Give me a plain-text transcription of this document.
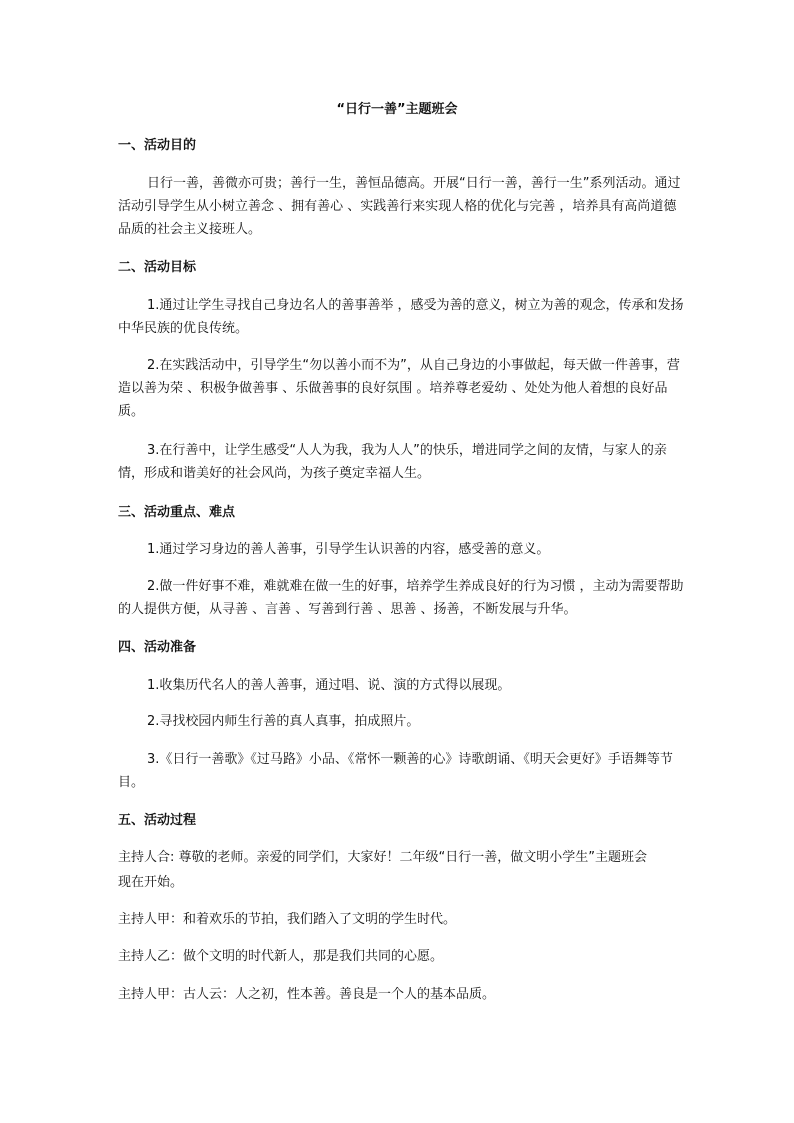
“日行一善”主题班会
一、活动目的
日行一善，善微亦可贵；善行一生，善恒品德高。开展“日行一善，善行一生”系列活动。通过活动引导学生从小树立善念 、拥有善心 、实践善行来实现人格的优化与完善 ，培养具有高尚道德品质的社会主义接班人。
二、活动目标
1.通过让学生寻找自己身边名人的善事善举 ，感受为善的意义，树立为善的观念，传承和发扬中华民族的优良传统。
2.在实践活动中，引导学生“勿以善小而不为”，从自己身边的小事做起，每天做一件善事，营造以善为荣 、积极争做善事 、乐做善事的良好氛围 。培养尊老爱幼 、处处为他人着想的良好品质。
3.在行善中，让学生感受“人人为我，我为人人”的快乐，增进同学之间的友情，与家人的亲情，形成和谐美好的社会风尚，为孩子奠定幸福人生。
三、活动重点、难点
1.通过学习身边的善人善事，引导学生认识善的内容，感受善的意义。
2.做一件好事不难，难就难在做一生的好事，培养学生养成良好的行为习惯 ，主动为需要帮助的人提供方便，从寻善 、言善 、写善到行善 、思善 、扬善，不断发展与升华。
四、活动准备
1.收集历代名人的善人善事，通过唱、说、演的方式得以展现。
2.寻找校园内师生行善的真人真事，拍成照片。
3.《日行一善歌》《过马路》小品、《常怀一颗善的心》诗歌朗诵、《明天会更好》手语舞等节目。
五、活动过程
主持人合: 尊敬的老师。亲爱的同学们，大家好！二年级“日行一善，做文明小学生”主题班会
现在开始。
主持人甲：和着欢乐的节拍，我们踏入了文明的学生时代。
主持人乙：做个文明的时代新人，那是我们共同的心愿。
主持人甲：古人云：人之初，性本善。善良是一个人的基本品质。
